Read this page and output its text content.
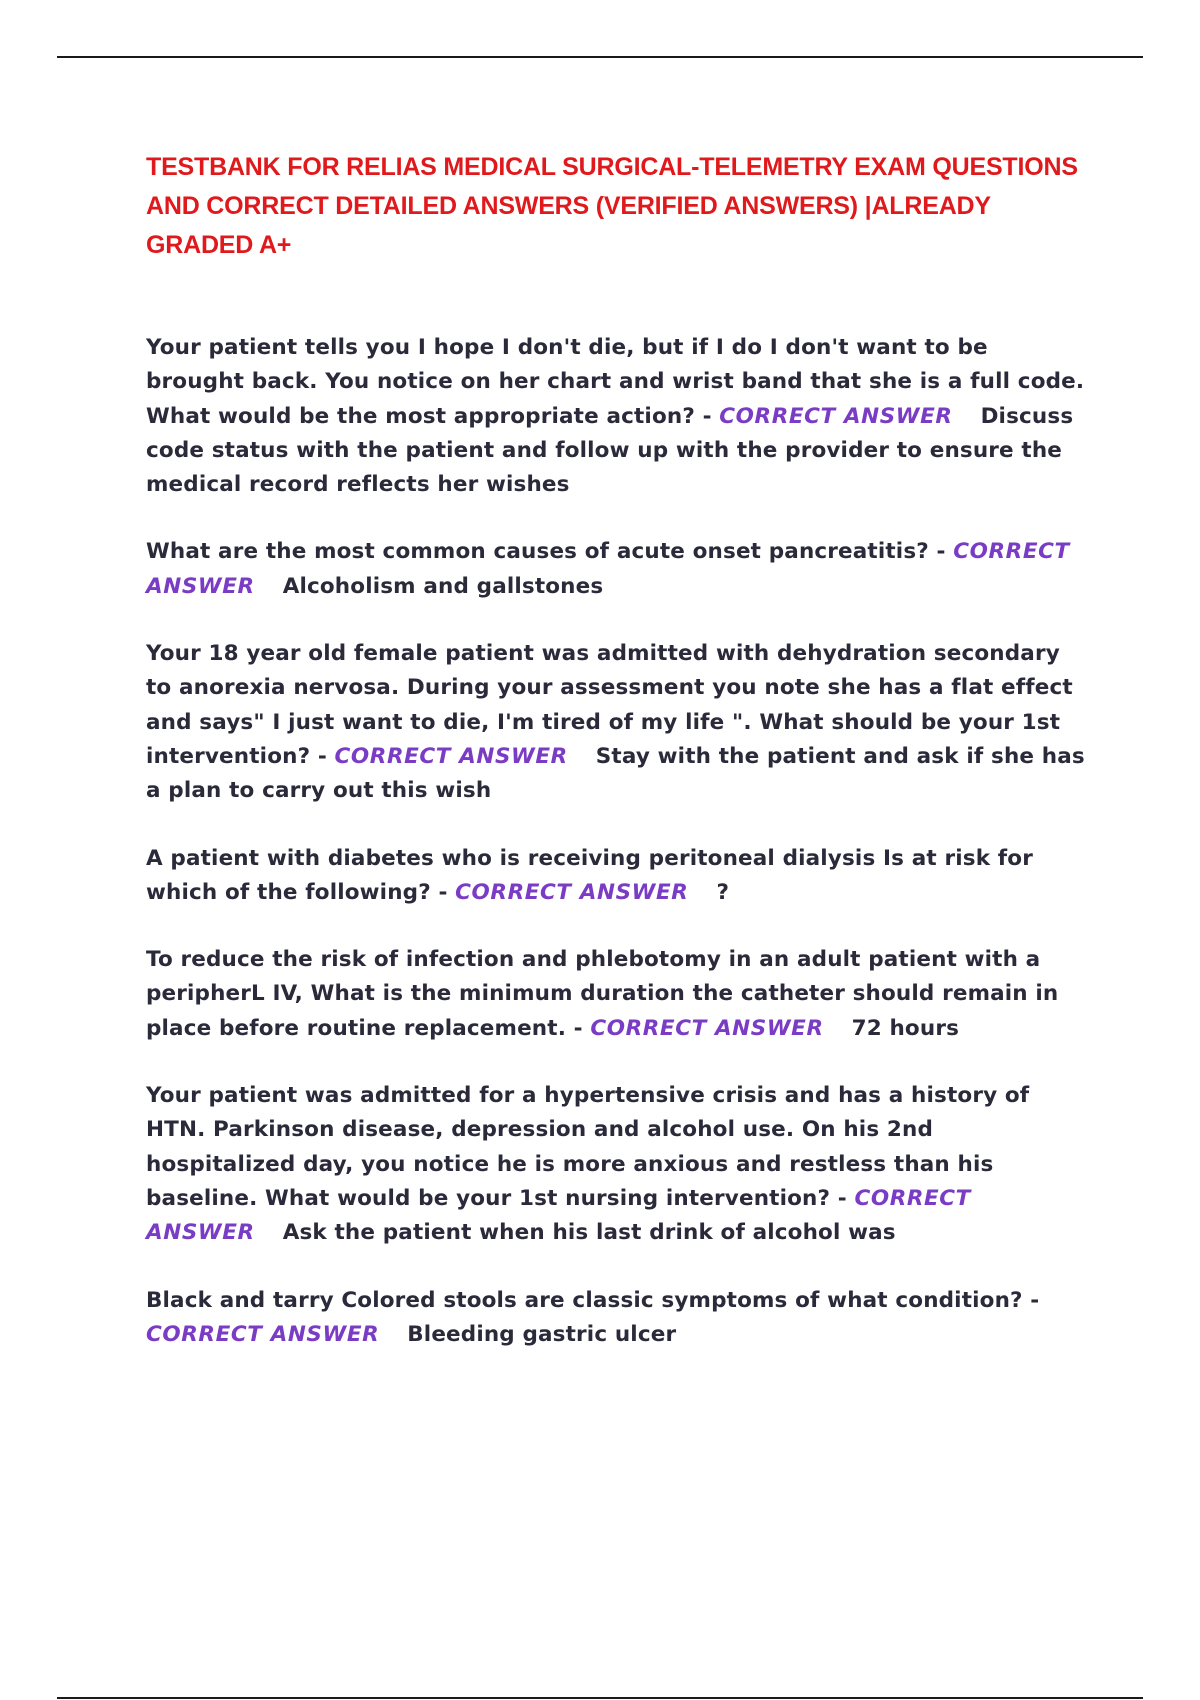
TESTBANK FOR RELIAS MEDICAL SURGICAL-TELEMETRY EXAM QUESTIONS AND CORRECT DETAILED ANSWERS (VERIFIED ANSWERS) |ALREADY GRADED A+
Your patient tells you I hope I don't die, but if I do I don't want to be brought back. You notice on her chart and wrist band that she is a full code. What would be the most appropriate action? - CORRECT ANSWER Discuss code status with the patient and follow up with the provider to ensure the medical record reflects her wishes
What are the most common causes of acute onset pancreatitis? - CORRECT ANSWER Alcoholism and gallstones
Your 18 year old female patient was admitted with dehydration secondary to anorexia nervosa. During your assessment you note she has a flat effect and says" I just want to die, I'm tired of my life ". What should be your 1st intervention? - CORRECT ANSWER Stay with the patient and ask if she has a plan to carry out this wish
A patient with diabetes who is receiving peritoneal dialysis Is at risk for which of the following? - CORRECT ANSWER ?
To reduce the risk of infection and phlebotomy in an adult patient with a peripherL IV, What is the minimum duration the catheter should remain in place before routine replacement. - CORRECT ANSWER 72 hours
Your patient was admitted for a hypertensive crisis and has a history of HTN. Parkinson disease, depression and alcohol use. On his 2nd hospitalized day, you notice he is more anxious and restless than his baseline. What would be your 1st nursing intervention? - CORRECT ANSWER Ask the patient when his last drink of alcohol was
Black and tarry Colored stools are classic symptoms of what condition? - CORRECT ANSWER Bleeding gastric ulcer
